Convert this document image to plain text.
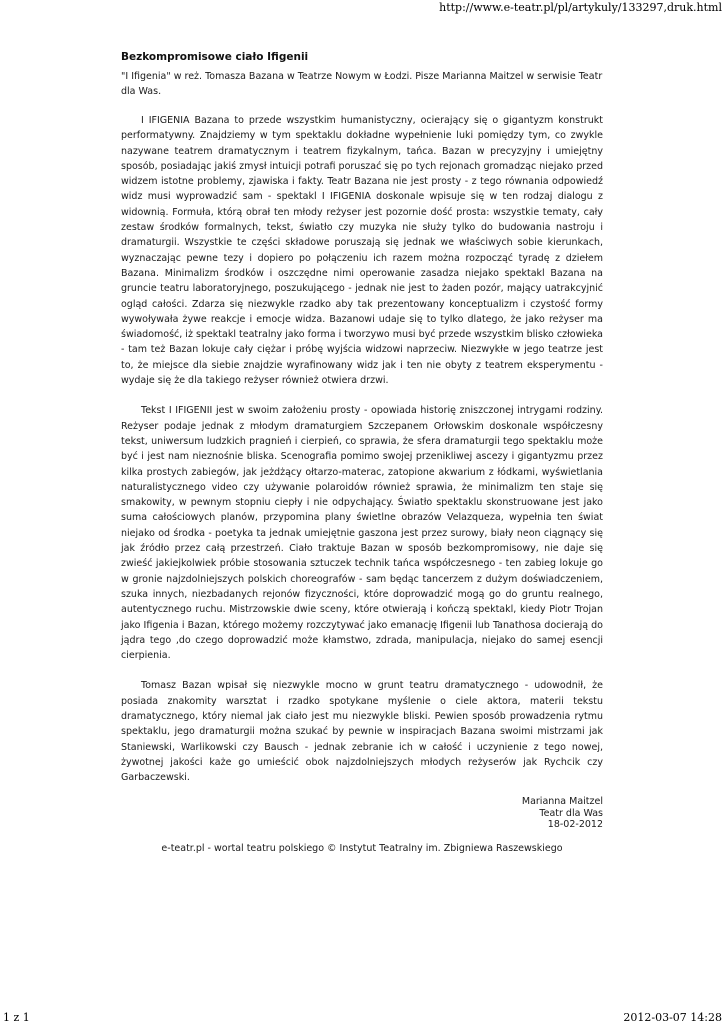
http://www.e-teatr.pl/pl/artykuly/133297,druk.html
Bezkompromisowe ciało Ifigenii

"I Ifigenia" w reż. Tomasza Bazana w Teatrze Nowym w Łodzi. Pisze Marianna Maitzel w serwisie Teatr dla Was.

I IFIGENIA Bazana to przede wszystkim humanistyczny, ocierający się o gigantyzm konstrukt performatywny. Znajdziemy w tym spektaklu dokładne wypełnienie luki pomiędzy tym, co zwykle nazywane teatrem dramatycznym i teatrem fizykalnym, tańca. Bazan w precyzyjny i umiejętny sposób, posiadając jakiś zmysł intuicji potrafi poruszać się po tych rejonach gromadząc niejako przed widzem istotne problemy, zjawiska i fakty. Teatr Bazana nie jest prosty - z tego równania odpowiedź widz musi wyprowadzić sam - spektakl I IFIGENIA doskonale wpisuje się w ten rodzaj dialogu z widownią. Formuła, którą obrał ten młody reżyser jest pozornie dość prosta: wszystkie tematy, cały zestaw środków formalnych, tekst, światło czy muzyka nie służy tylko do budowania nastroju i dramaturgii. Wszystkie te części składowe poruszają się jednak we właściwych sobie kierunkach, wyznaczając pewne tezy i dopiero po połączeniu ich razem można rozpocząć tyradę z dziełem Bazana. Minimalizm środków i oszczędne nimi operowanie zasadza niejako spektakl Bazana na gruncie teatru laboratoryjnego, poszukującego - jednak nie jest to żaden pozór, mający uatrakcyjnić ogląd całości. Zdarza się niezwykle rzadko aby tak prezentowany konceptualizm i czystość formy wywoływała żywe reakcje i emocje widza. Bazanowi udaje się to tylko dlatego, że jako reżyser ma świadomość, iż spektakl teatralny jako forma i tworzywo musi być przede wszystkim blisko człowieka - tam też Bazan lokuje cały ciężar i próbę wyjścia widzowi naprzeciw. Niezwykłe w jego teatrze jest to, że miejsce dla siebie znajdzie wyrafinowany widz jak i ten nie obyty z teatrem eksperymentu - wydaje się że dla takiego reżyser również otwiera drzwi.

Tekst I IFIGENII jest w swoim założeniu prosty - opowiada historię zniszczonej intrygami rodziny. Reżyser podaje jednak z młodym dramaturgiem Szczepanem Orłowskim doskonale współczesny tekst, uniwersum ludzkich pragnień i cierpień, co sprawia, że sfera dramaturgii tego spektaklu może być i jest nam nieznośnie bliska. Scenografia pomimo swojej przenikliwej ascezy i gigantyzmu przez kilka prostych zabiegów, jak jeżdżący ołtarzo-materac, zatopione akwarium z łódkami, wyświetlania naturalistycznego video czy używanie polaroidów również sprawia, że minimalizm ten staje się smakowity, w pewnym stopniu ciepły i nie odpychający. Światło spektaklu skonstruowane jest jako suma całościowych planów, przypomina plany świetlne obrazów Velazqueza, wypełnia ten świat niejako od środka - poetyka ta jednak umiejętnie gaszona jest przez surowy, biały neon ciągnący się jak źródło przez całą przestrzeń. Ciało traktuje Bazan w sposób bezkompromisowy, nie daje się zwieść jakiejkolwiek próbie stosowania sztuczek technik tańca współczesnego - ten zabieg lokuje go w gronie najzdolniejszych polskich choreografów - sam będąc tancerzem z dużym doświadczeniem, szuka innych, niezbadanych rejonów fizyczności, które doprowadzić mogą go do gruntu realnego, autentycznego ruchu. Mistrzowskie dwie sceny, które otwierają i kończą spektakl, kiedy Piotr Trojan jako Ifigenia i Bazan, którego możemy rozczytywać jako emanację Ifigenii lub Tanathosa docierają do jądra tego ,do czego doprowadzić może kłamstwo, zdrada, manipulacja, niejako do samej esencji cierpienia.

Tomasz Bazan wpisał się niezwykle mocno w grunt teatru dramatycznego - udowodnił, że posiada znakomity warsztat i rzadko spotykane myślenie o ciele aktora, materii tekstu dramatycznego, który niemal jak ciało jest mu niezwykle bliski. Pewien sposób prowadzenia rytmu spektaklu, jego dramaturgii można szukać by pewnie w inspiracjach Bazana swoimi mistrzami jak Staniewski, Warlikowski czy Bausch - jednak zebranie ich w całość i uczynienie z tego nowej, żywotnej jakości każe go umieścić obok najzdolniejszych młodych reżyserów jak Rychcik czy Garbaczewski.

Marianna Maitzel
Teatr dla Was
18-02-2012
e-teatr.pl - wortal teatru polskiego © Instytut Teatralny im. Zbigniewa Raszewskiego
1 z 1	2012-03-07 14:28
